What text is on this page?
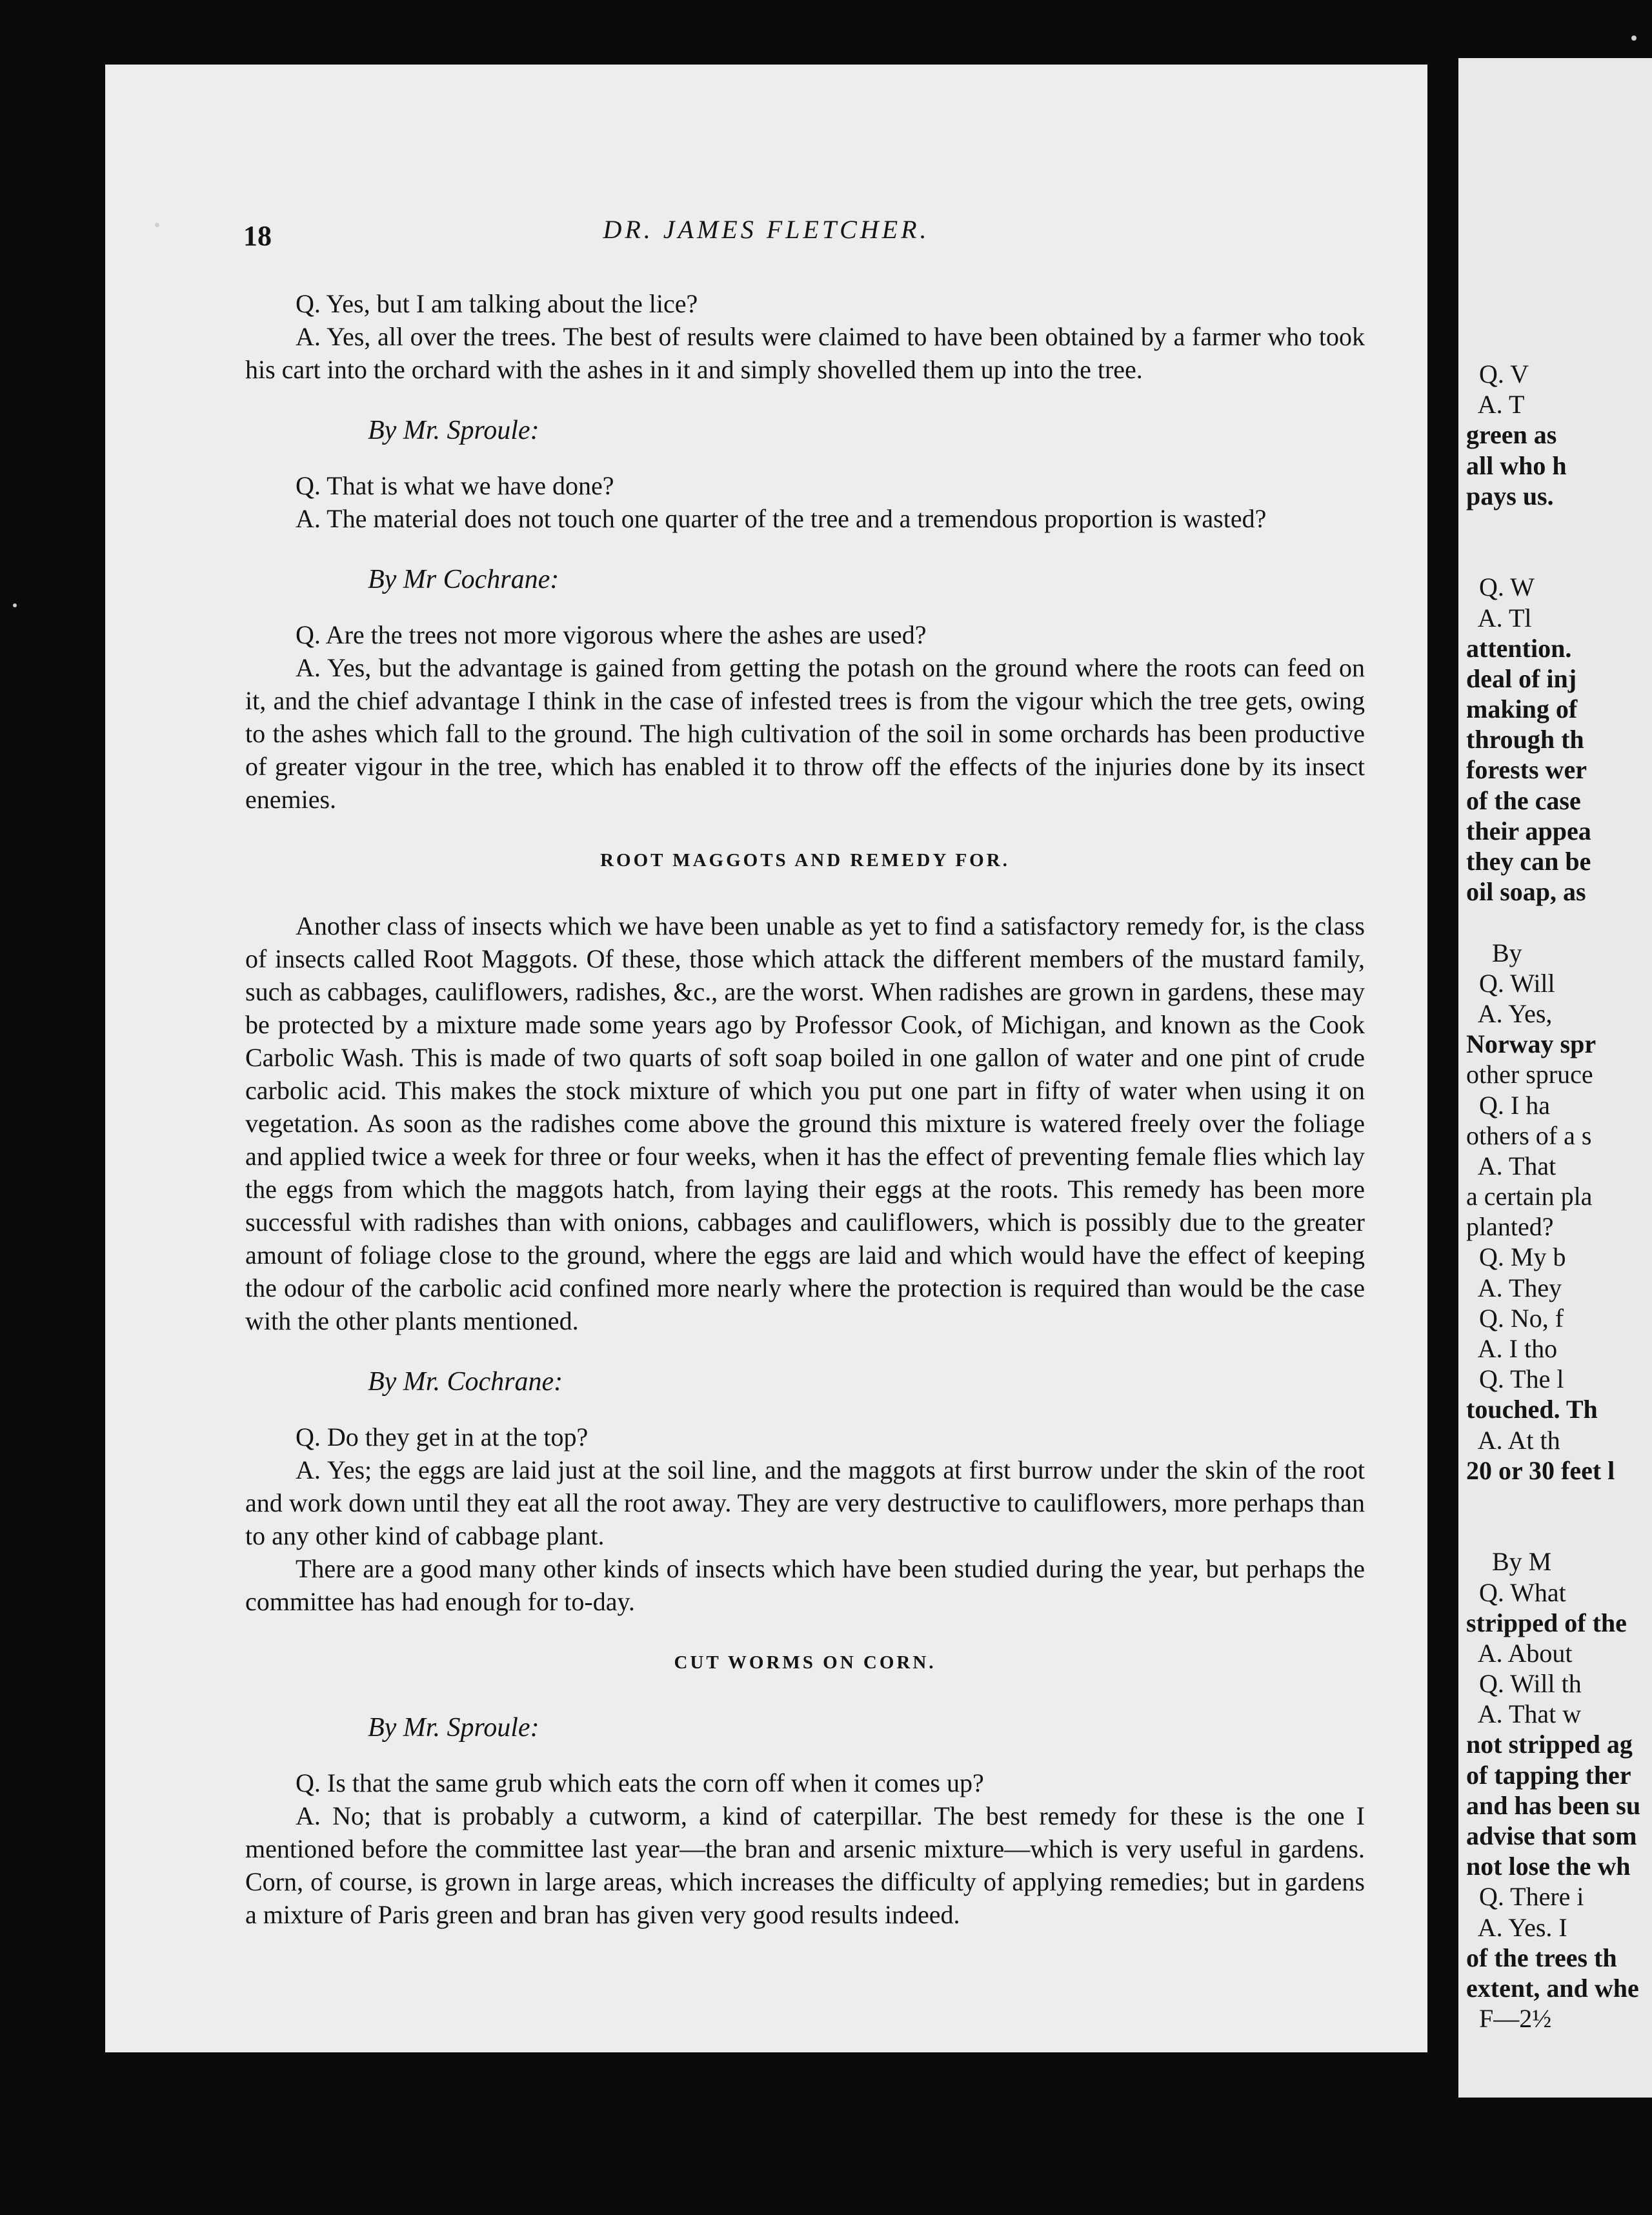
18	DR. JAMES FLETCHER.

Q. Yes, but I am talking about the lice?

A. Yes, all over the trees. The best of results were claimed to have been obtained by a farmer who took his cart into the orchard with the ashes in it and simply shovelled them up into the tree.

By Mr. Sproule:

Q. That is what we have done?

A. The material does not touch one quarter of the tree and a tremendous proportion is wasted?

By Mr Cochrane:

Q. Are the trees not more vigorous where the ashes are used?

A. Yes, but the advantage is gained from getting the potash on the ground where the roots can feed on it, and the chief advantage I think in the case of infested trees is from the vigour which the tree gets, owing to the ashes which fall to the ground. The high cultivation of the soil in some orchards has been productive of greater vigour in the tree, which has enabled it to throw off the effects of the injuries done by its insect enemies.

ROOT MAGGOTS AND REMEDY FOR.

Another class of insects which we have been unable as yet to find a satisfactory remedy for, is the class of insects called Root Maggots. Of these, those which attack the different members of the mustard family, such as cabbages, cauliflowers, radishes, &c., are the worst. When radishes are grown in gardens, these may be protected by a mixture made some years ago by Professor Cook, of Michigan, and known as the Cook Carbolic Wash. This is made of two quarts of soft soap boiled in one gallon of water and one pint of crude carbolic acid. This makes the stock mixture of which you put one part in fifty of water when using it on vegetation. As soon as the radishes come above the ground this mixture is watered freely over the foliage and applied twice a week for three or four weeks, when it has the effect of preventing female flies which lay the eggs from which the maggots hatch, from laying their eggs at the roots. This remedy has been more successful with radishes than with onions, cabbages and cauliflowers, which is possibly due to the greater amount of foliage close to the ground, where the eggs are laid and which would have the effect of keeping the odour of the carbolic acid confined more nearly where the protection is required than would be the case with the other plants mentioned.

By Mr. Cochrane:

Q. Do they get in at the top?

A. Yes; the eggs are laid just at the soil line, and the maggots at first burrow under the skin of the root and work down until they eat all the root away. They are very destructive to cauliflowers, more perhaps than to any other kind of cabbage plant.

There are a good many other kinds of insects which have been studied during the year, but perhaps the committee has had enough for to-day.

CUT WORMS ON CORN.

By Mr. Sproule:

Q. Is that the same grub which eats the corn off when it comes up?

A. No; that is probably a cutworm, a kind of caterpillar. The best remedy for these is the one I mentioned before the committee last year—the bran and arsenic mixture—which is very useful in gardens. Corn, of course, is grown in large areas, which increases the difficulty of applying remedies; but in gardens a mixture of Paris green and bran has given very good results indeed.

Q. V
A. T
green as
all who h
pays us.
Q. W
A. Tl
attention.
deal of inj
making of
through th
forests wer
of the case
their appea
they can be
oil soap, as
By
Q. Will
A. Yes,
Norway spr
other spruce
Q. I ha
others of a s
A. That
a certain pla
planted?
Q. My b
A. They
Q. No, f
A. I tho
Q. The l
touched. Th
A. At th
20 or 30 feet l
By M
Q. What
stripped of the
A. About
Q. Will th
A. That w
not stripped ag
of tapping ther
and has been su
advise that som
not lose the wh
Q. There i
A. Yes. I
of the trees th
extent, and whe
F—2½
